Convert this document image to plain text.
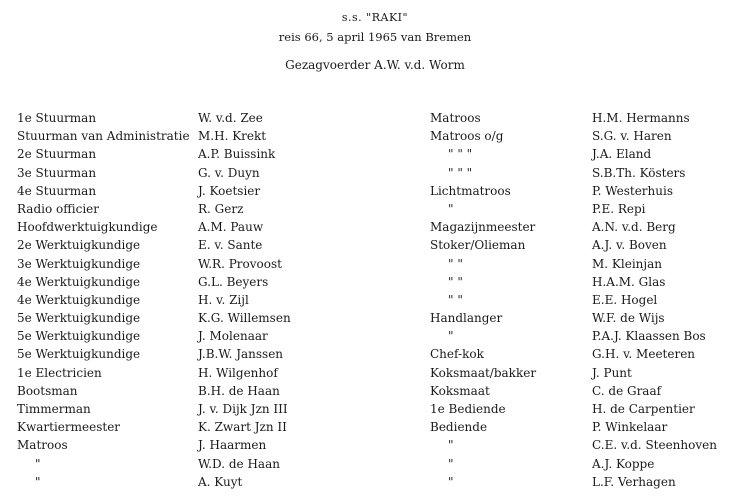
s.s. "RAKI"
reis 66, 5 april 1965 van Bremen
Gezagvoerder A.W. v.d. Worm
1e Stuurman
Stuurman van Administratie
2e Stuurman
3e Stuurman
4e Stuurman
Radio officier
Hoofdwerktuigkundige
2e Werktuigkundige
3e Werktuigkundige
4e Werktuigkundige
4e Werktuigkundige
5e Werktuigkundige
5e Werktuigkundige
5e Werktuigkundige
1e Electricien
Bootsman
Timmerman
Kwartiermeester
Matroos
"
"
W. v.d. Zee
M.H. Krekt
A.P. Buissink
G. v. Duyn
J. Koetsier
R. Gerz
A.M. Pauw
E. v. Sante
W.R. Provoost
G.L. Beyers
H. v. Zijl
K.G. Willemsen
J. Molenaar
J.B.W. Janssen
H. Wilgenhof
B.H. de Haan
J. v. Dijk Jzn III
K. Zwart Jzn II
J. Haarmen
W.D. de Haan
A. Kuyt
Matroos
Matroos o/g
" " "
" " "
Lichtmatroos
"
Magazijnmeester
Stoker/Olieman
" "
" "
" "
Handlanger
"
Chef-kok
Koksmaat/bakker
Koksmaat
1e Bediende
Bediende
"
"
"
H.M. Hermanns
S.G. v. Haren
J.A. Eland
S.B.Th. Kösters
P. Westerhuis
P.E. Repi
A.N. v.d. Berg
A.J. v. Boven
M. Kleinjan
H.A.M. Glas
E.E. Hogel
W.F. de Wijs
P.A.J. Klaassen Bos
G.H. v. Meeteren
J. Punt
C. de Graaf
H. de Carpentier
P. Winkelaar
C.E. v.d. Steenhoven
A.J. Koppe
L.F. Verhagen
